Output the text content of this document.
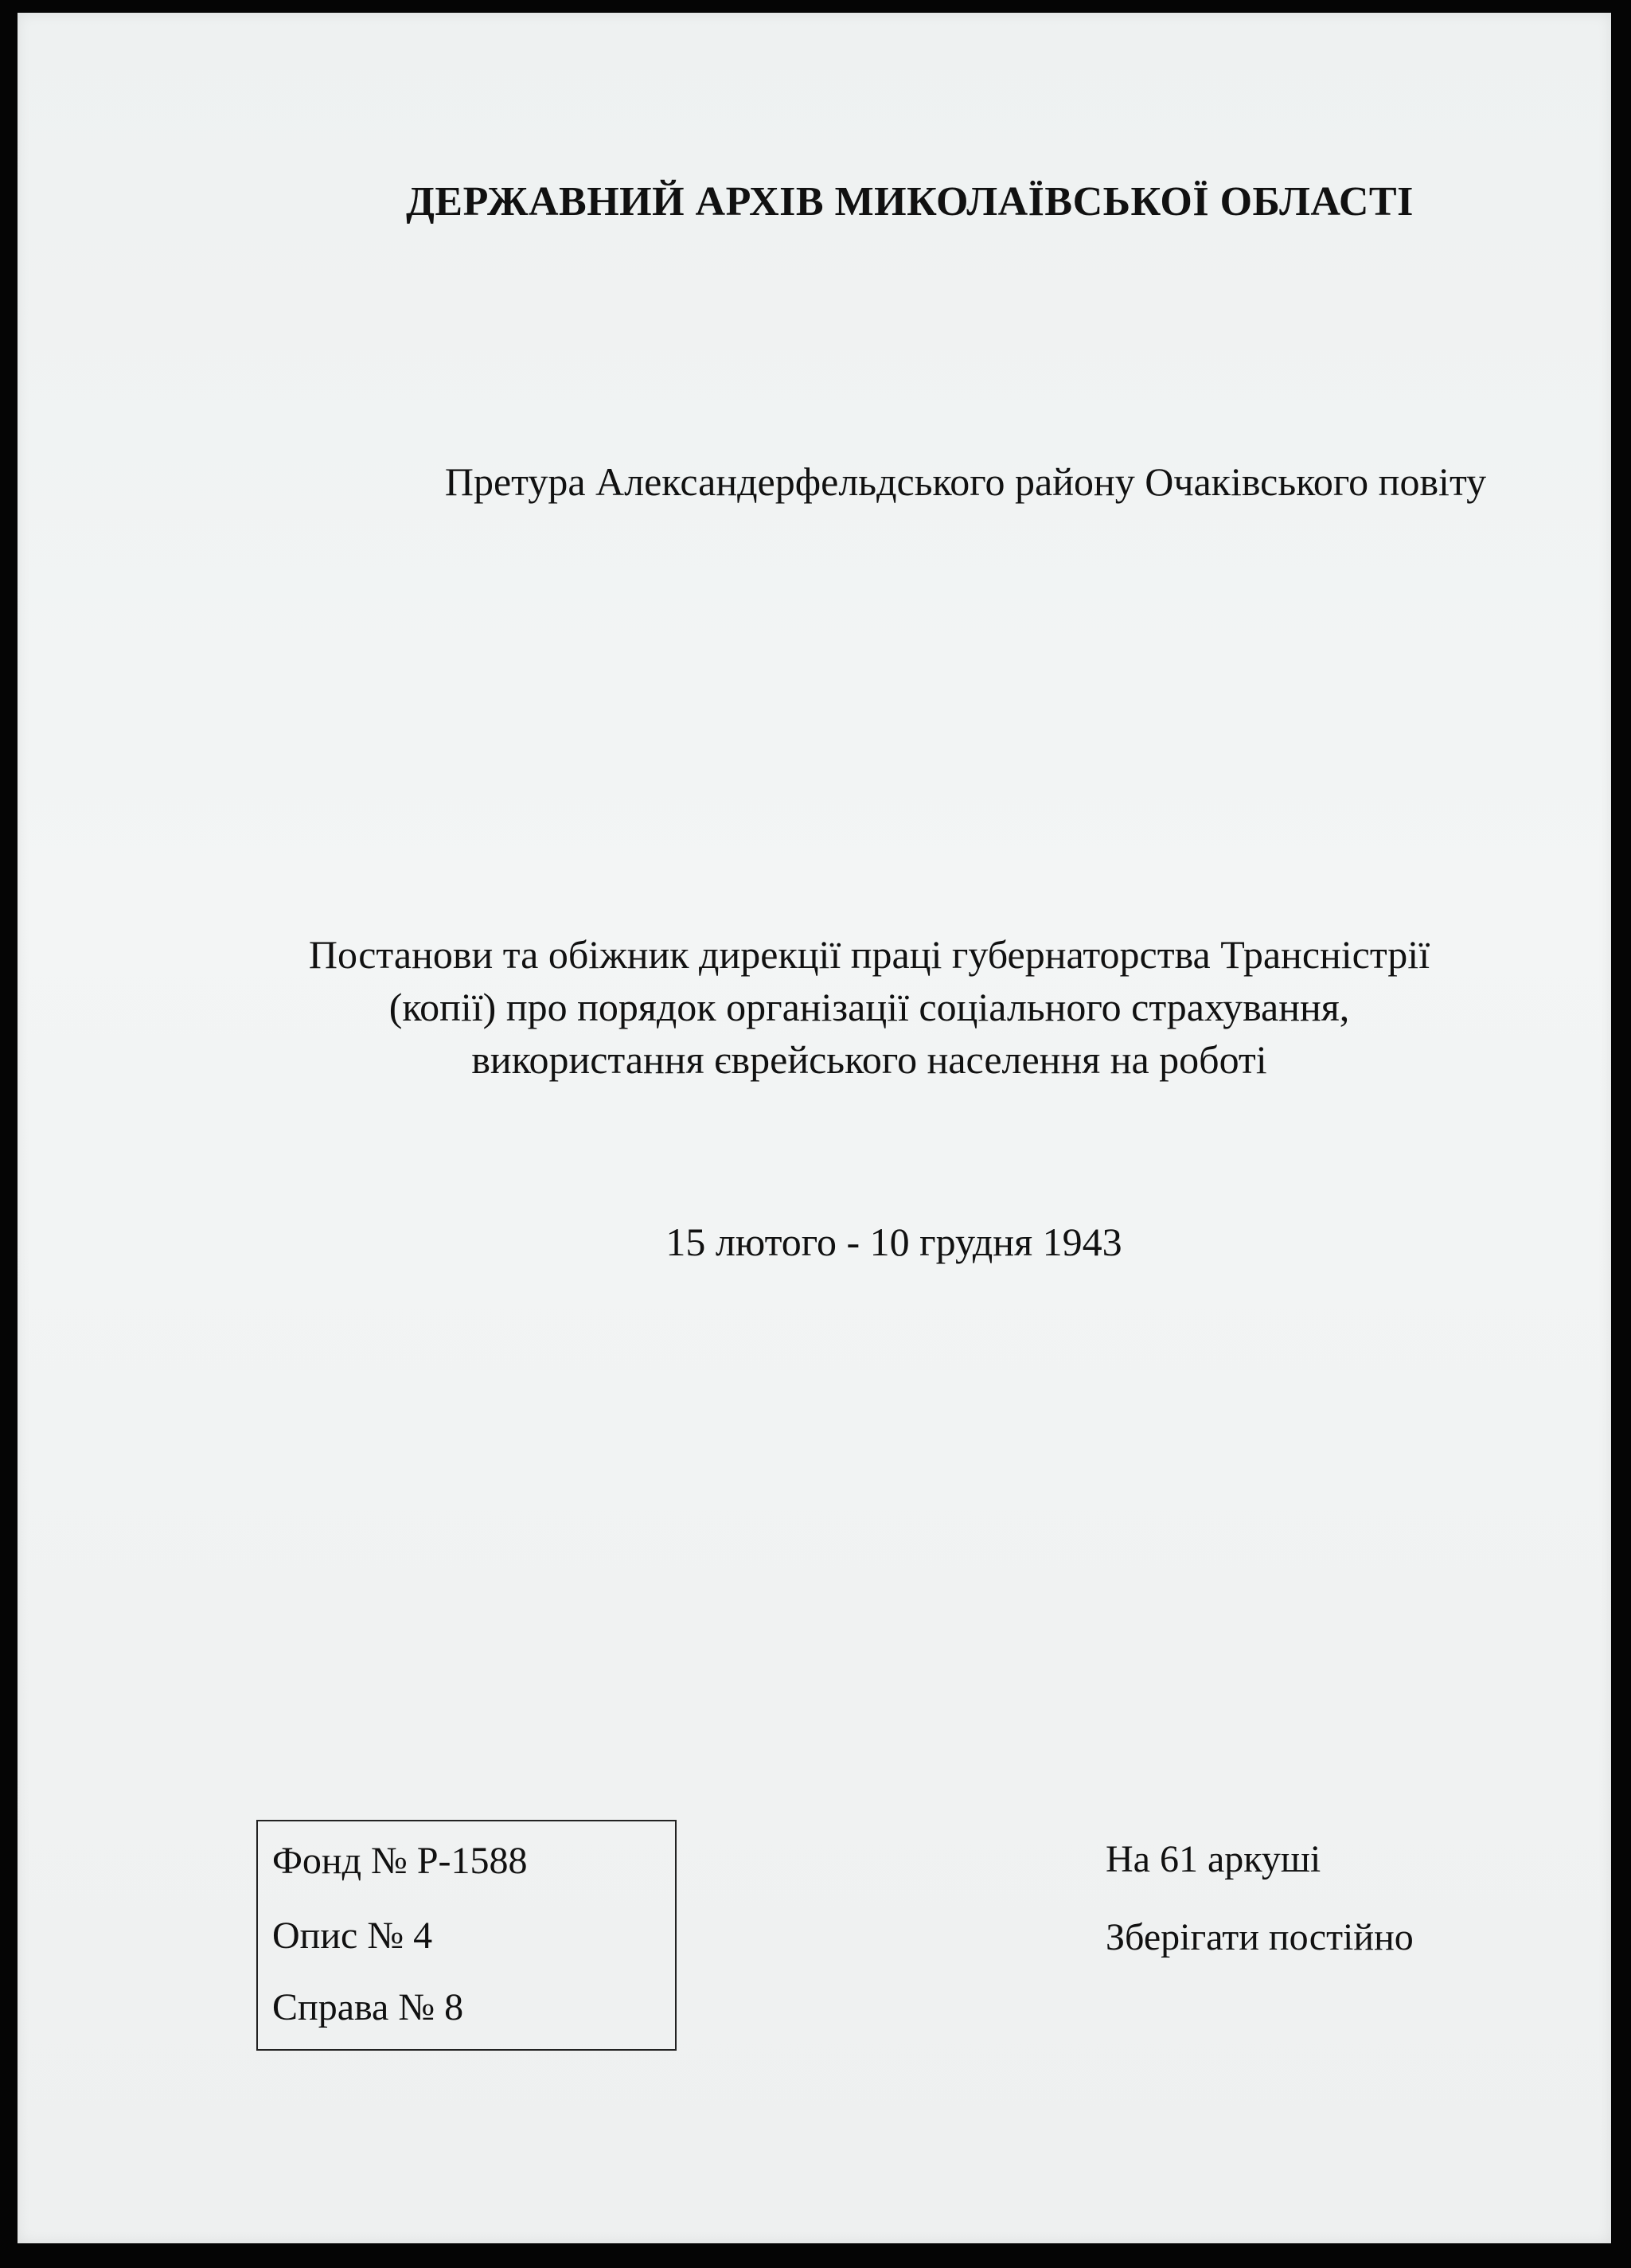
ДЕРЖАВНИЙ АРХІВ МИКОЛАЇВСЬКОЇ ОБЛАСТІ
Претура Александерфельдського району Очаківського повіту
Постанови та обіжник дирекції праці губернаторства Трансністрії
(копії) про порядок організації соціального страхування,
використання єврейського населення на роботі
15 лютого - 10 грудня 1943
Фонд № Р-1588
Опис № 4
Справа № 8
На 61 аркуші
Зберігати постійно
